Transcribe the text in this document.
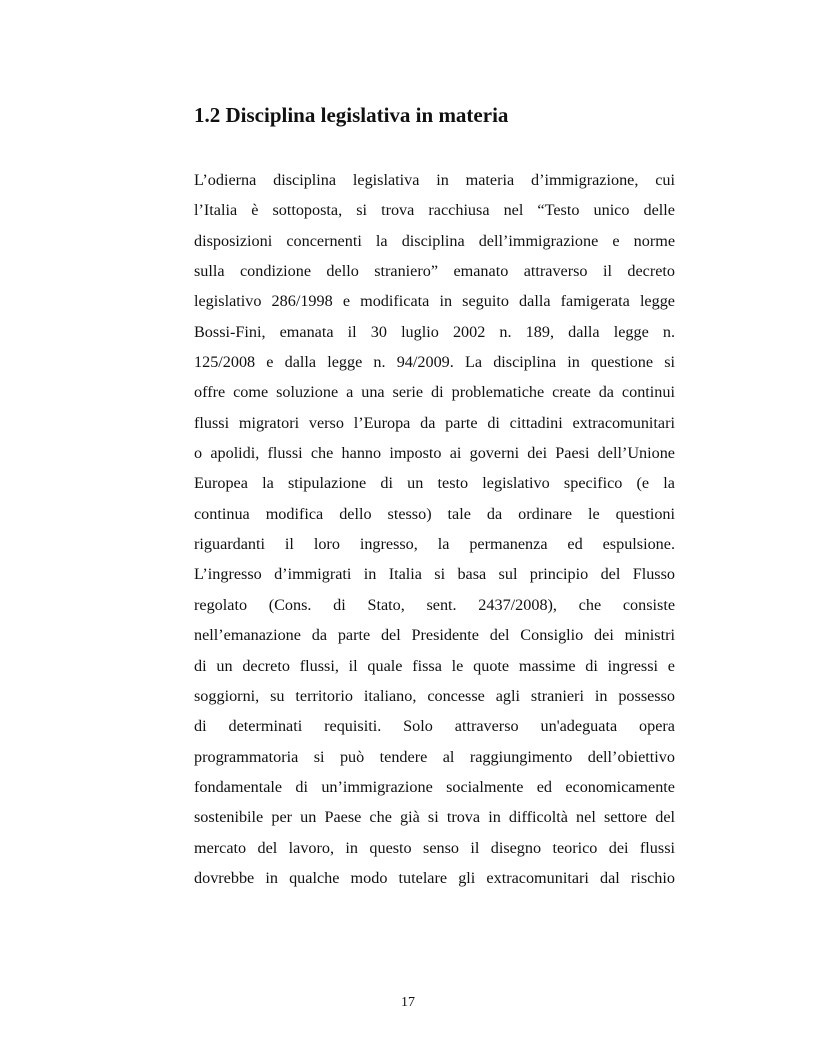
1.2 Disciplina legislativa in materia
L’odierna disciplina legislativa in materia d’immigrazione, cui
l’Italia è sottoposta, si trova racchiusa nel “Testo unico delle
disposizioni concernenti la disciplina dell’immigrazione e norme
sulla condizione dello straniero” emanato attraverso il decreto
legislativo 286/1998 e modificata in seguito dalla famigerata legge
Bossi-Fini, emanata il 30 luglio 2002 n. 189, dalla legge n.
125/2008 e dalla legge n. 94/2009. La disciplina in questione si
offre come soluzione a una serie di problematiche create da continui
flussi migratori verso l’Europa da parte di cittadini extracomunitari
o apolidi, flussi che hanno imposto ai governi dei Paesi dell’Unione
Europea la stipulazione di un testo legislativo specifico (e la
continua modifica dello stesso) tale da ordinare le questioni
riguardanti il loro ingresso, la permanenza ed espulsione.
L’ingresso d’immigrati in Italia si basa sul principio del Flusso
regolato (Cons. di Stato, sent. 2437/2008), che consiste
nell’emanazione da parte del Presidente del Consiglio dei ministri
di un decreto flussi, il quale fissa le quote massime di ingressi e
soggiorni, su territorio italiano, concesse agli stranieri in possesso
di determinati requisiti. Solo attraverso un'adeguata opera
programmatoria si può tendere al raggiungimento dell’obiettivo
fondamentale di un’immigrazione socialmente ed economicamente
sostenibile per un Paese che già si trova in difficoltà nel settore del
mercato del lavoro, in questo senso il disegno teorico dei flussi
dovrebbe in qualche modo tutelare gli extracomunitari dal rischio
17
